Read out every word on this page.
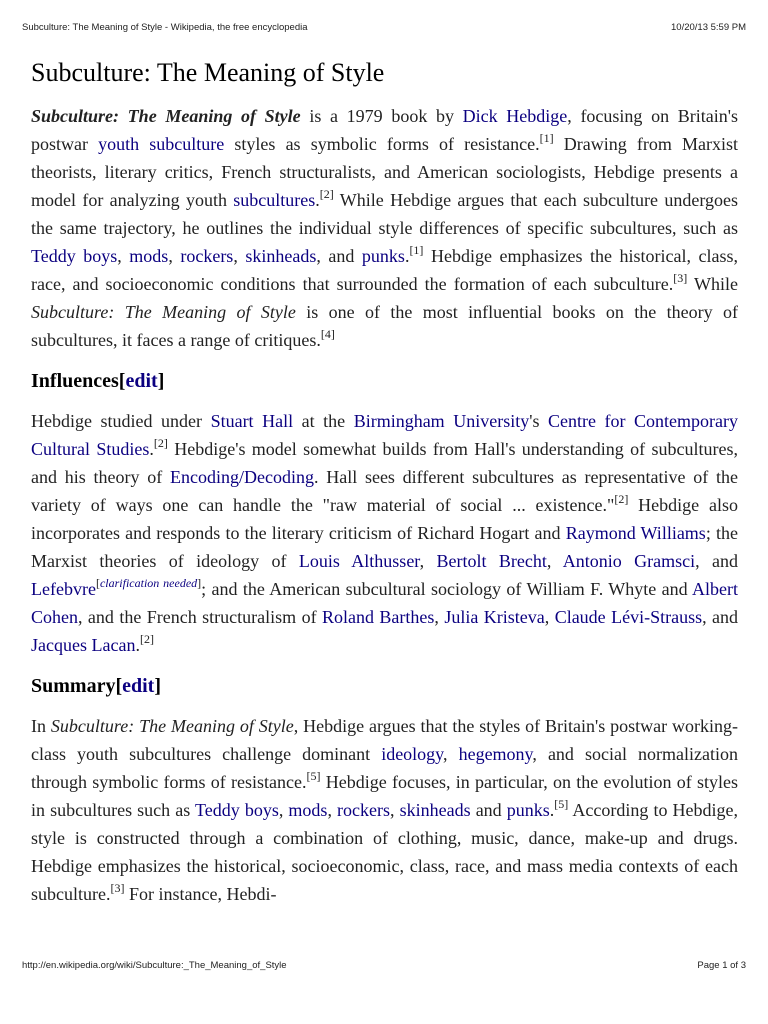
Subculture: The Meaning of Style - Wikipedia, the free encyclopedia	10/20/13 5:59 PM
Subculture: The Meaning of Style

Subculture: The Meaning of Style is a 1979 book by Dick Hebdige, focusing on Britain's postwar youth subculture styles as symbolic forms of resistance.[1] Drawing from Marxist theorists, literary critics, French structuralists, and American sociologists, Hebdige presents a model for analyzing youth subcultures.[2] While Hebdige argues that each subculture undergoes the same trajectory, he outlines the individual style differences of specific subcultures, such as Teddy boys, mods, rockers, skinheads, and punks.[1] Hebdige emphasizes the historical, class, race, and socioeconomic conditions that surrounded the formation of each subculture.[3] While Subculture: The Meaning of Style is one of the most influential books on the theory of subcultures, it faces a range of critiques.[4]

Influences[edit]

Hebdige studied under Stuart Hall at the Birmingham University's Centre for Contemporary Cultural Studies.[2] Hebdige's model somewhat builds from Hall's understanding of subcultures, and his theory of Encoding/Decoding. Hall sees different subcultures as representative of the variety of ways one can handle the "raw material of social ... existence."[2] Hebdige also incorporates and responds to the literary criticism of Richard Hogart and Raymond Williams; the Marxist theories of ideology of Louis Althusser, Bertolt Brecht, Antonio Gramsci, and Lefebvre[clarification needed]; and the American subcultural sociology of William F. Whyte and Albert Cohen, and the French structuralism of Roland Barthes, Julia Kristeva, Claude Lévi-Strauss, and Jacques Lacan.[2]

Summary[edit]

In Subculture: The Meaning of Style, Hebdige argues that the styles of Britain's postwar working-class youth subcultures challenge dominant ideology, hegemony, and social normalization through symbolic forms of resistance.[5] Hebdige focuses, in particular, on the evolution of styles in subcultures such as Teddy boys, mods, rockers, skinheads and punks.[5] According to Hebdige, style is constructed through a combination of clothing, music, dance, make-up and drugs. Hebdige emphasizes the historical, socioeconomic, class, race, and mass media contexts of each subculture.[3] For instance, Hebdi-

http://en.wikipedia.org/wiki/Subculture:_The_Meaning_of_Style	Page 1 of 3
